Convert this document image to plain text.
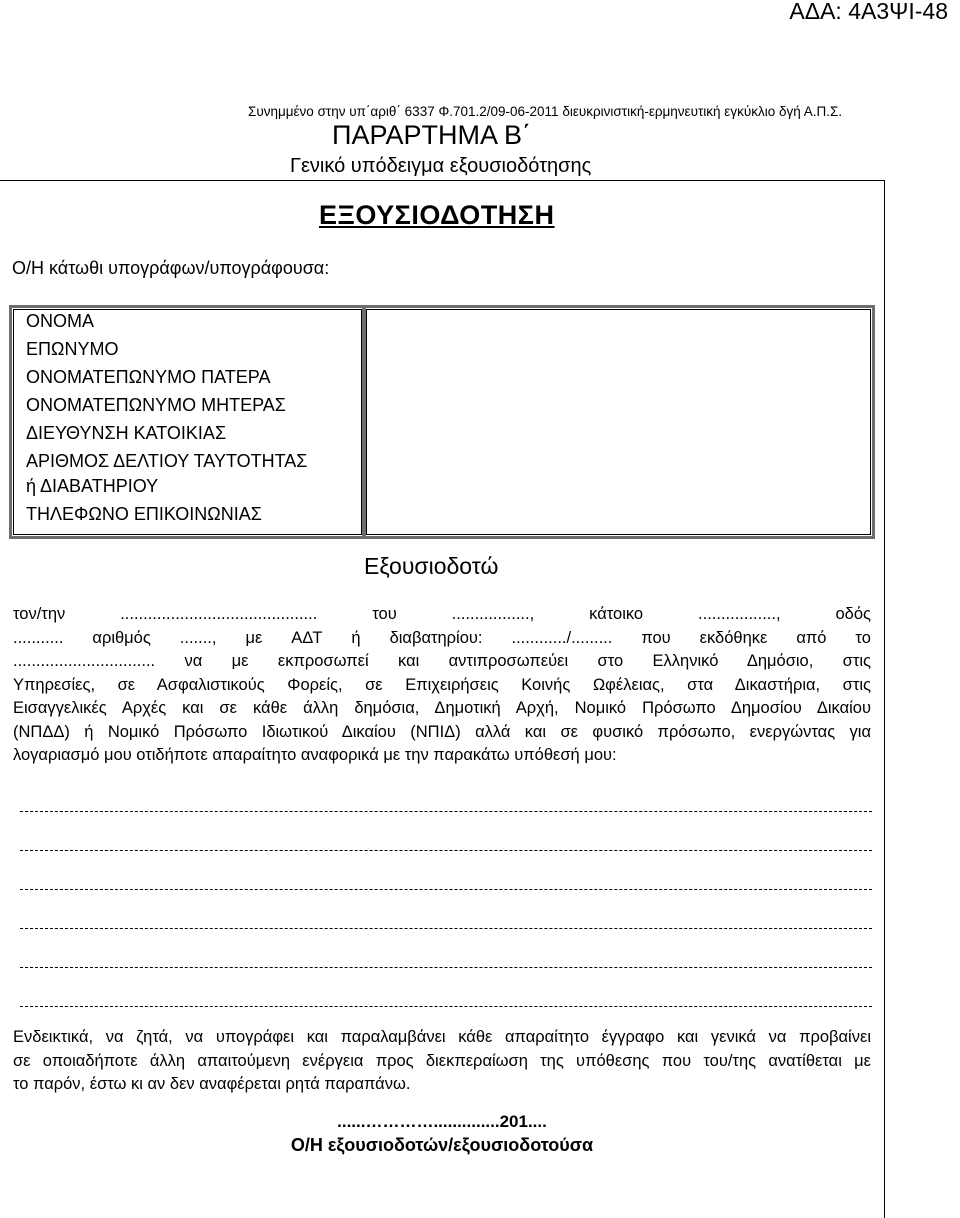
ΑΔΑ: 4Α3ΨΙ-48
Συνημμένο στην υπ΄αριθ΄ 6337 Φ.701.2/09-06-2011 διευκρινιστική-ερμηνευτική εγκύκλιο δγή Α.Π.Σ.
ΠΑΡΑΡΤΗΜΑ Β΄
Γενικό υπόδειγμα εξουσιοδότησης
ΕΞΟΥΣΙΟΔΟΤΗΣΗ
Ο/Η κάτωθι υπογράφων/υπογράφουσα:
ΟΝΟΜΑ
ΕΠΩΝΥΜΟ
ΟΝΟΜΑΤΕΠΩΝΥΜΟ ΠΑΤΕΡΑ
ΟΝΟΜΑΤΕΠΩΝΥΜΟ ΜΗΤΕΡΑΣ
ΔΙΕΥΘΥΝΣΗ ΚΑΤΟΙΚΙΑΣ
ΑΡΙΘΜΟΣ ΔΕΛΤΙΟΥ ΤΑΥΤΟΤΗΤΑΣ
ή ΔΙΑΒΑΤΗΡΙΟΥ
ΤΗΛΕΦΩΝΟ ΕΠΙΚΟΙΝΩΝΙΑΣ
Εξουσιοδοτώ
τον/την	...........................................	του	.................,	κάτοικο	.................,	οδός
........... αριθμός ......., με ΑΔΤ ή διαβατηρίου: ............/......... που εκδόθηκε από το
............................... να με εκπροσωπεί και αντιπροσωπεύει στο Ελληνικό Δημόσιο, στις
Υπηρεσίες, σε Ασφαλιστικούς Φορείς, σε Επιχειρήσεις Κοινής Ωφέλειας, στα Δικαστήρια, στις
Εισαγγελικές Αρχές και σε κάθε άλλη δημόσια, Δημοτική Αρχή, Νομικό Πρόσωπο Δημοσίου Δικαίου
(ΝΠΔΔ) ή Νομικό Πρόσωπο Ιδιωτικού Δικαίου (ΝΠΙΔ) αλλά και σε φυσικό πρόσωπο, ενεργώντας για
λογαριασμό μου οτιδήποτε απαραίτητο αναφορικά με την παρακάτω υπόθεσή μου:
Ενδεικτικά, να ζητά, να υπογράφει και παραλαμβάνει κάθε απαραίτητο έγγραφο και γενικά να προβαίνει
σε οποιαδήποτε άλλη απαιτούμενη ενέργεια προς διεκπεραίωση της υπόθεσης που του/της ανατίθεται με
το παρόν, έστω κι αν δεν αναφέρεται ρητά παραπάνω.
......…………..............201....
Ο/Η εξουσιοδοτών/εξουσιοδοτούσα
